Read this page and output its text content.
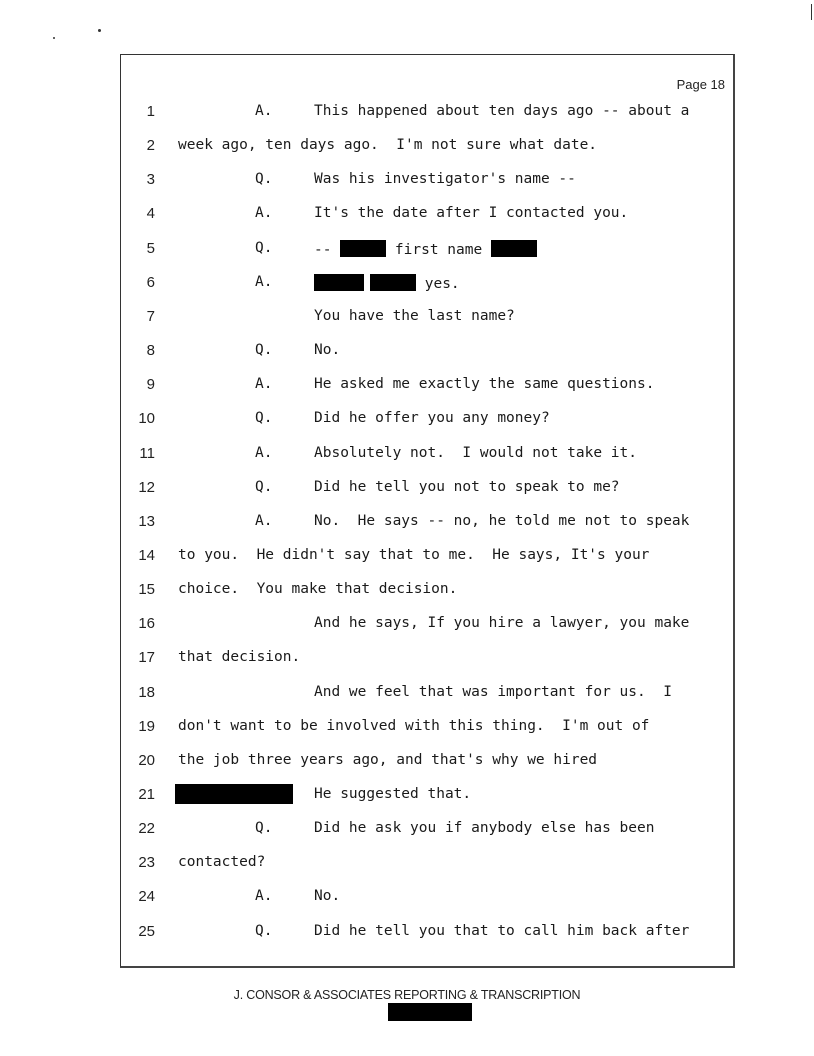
Page 18
1	A.	This happened about ten days ago -- about a
2 week ago, ten days ago.  I'm not sure what date.
3	Q.	Was his investigator's name --
4	A.	It's the date after I contacted you.
5	Q.	--	first name
6	A.	yes.
7	You have the last name?
8	Q.	No.
9	A.	He asked me exactly the same questions.
10	Q.	Did he offer you any money?
11	A.	Absolutely not.  I would not take it.
12	Q.	Did he tell you not to speak to me?
13	A.	No.  He says -- no, he told me not to speak
14 to you.  He didn't say that to me.  He says, It's your
15 choice.  You make that decision.
16	And he says, If you hire a lawyer, you make
17 that decision.
18	And we feel that was important for us.  I
19 don't want to be involved with this thing.  I'm out of
20 the job three years ago, and that's why we hired
21	He suggested that.
22	Q.	Did he ask you if anybody else has been
23 contacted?
24	A.	No.
25	Q.	Did he tell you that to call him back after
J. CONSOR & ASSOCIATES REPORTING & TRANSCRIPTION
